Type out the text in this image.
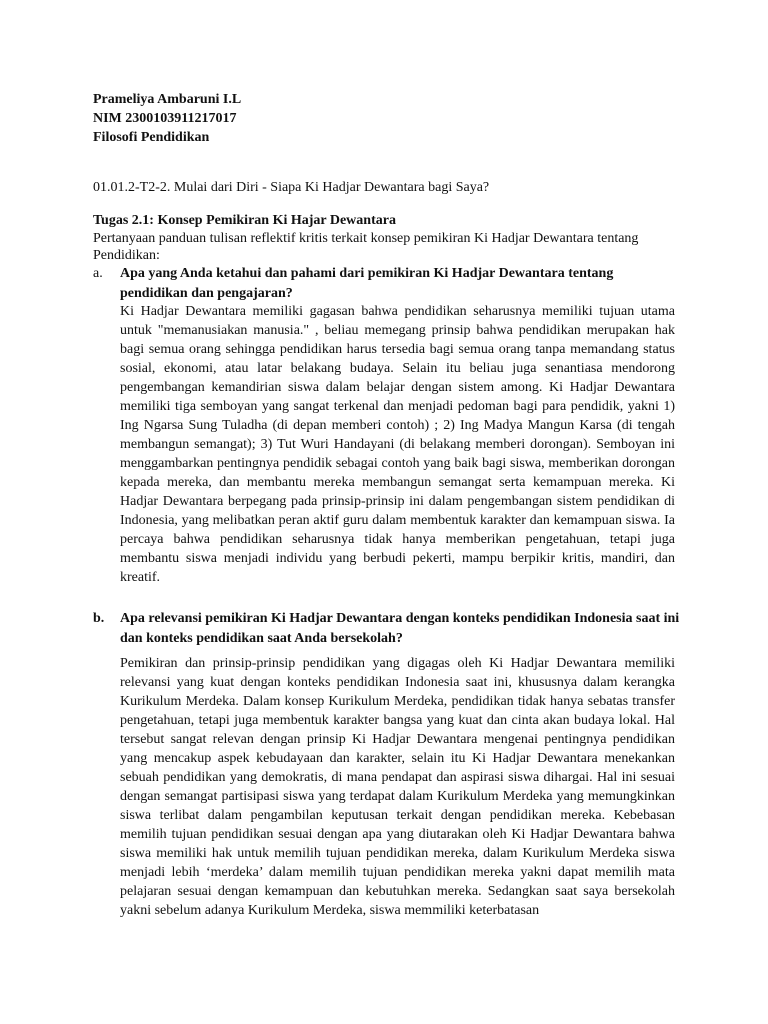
Prameliya Ambaruni I.L
NIM 2300103911217017
Filosofi Pendidikan
01.01.2-T2-2. Mulai dari Diri - Siapa Ki Hadjar Dewantara bagi Saya?
Tugas 2.1: Konsep Pemikiran Ki Hajar Dewantara
Pertanyaan panduan tulisan reflektif kritis terkait konsep pemikiran Ki Hadjar Dewantara tentang Pendidikan:
a.	Apa yang Anda ketahui dan pahami dari pemikiran Ki Hadjar Dewantara tentang pendidikan dan pengajaran?

Ki Hadjar Dewantara memiliki gagasan bahwa pendidikan seharusnya memiliki tujuan utama untuk "memanusiakan manusia." , beliau memegang prinsip bahwa pendidikan merupakan hak bagi semua orang sehingga pendidikan harus tersedia bagi semua orang tanpa memandang status sosial, ekonomi, atau latar belakang budaya. Selain itu beliau juga senantiasa mendorong pengembangan kemandirian siswa dalam belajar dengan sistem among. Ki Hadjar Dewantara memiliki tiga semboyan yang sangat terkenal dan menjadi pedoman bagi para pendidik, yakni 1) Ing Ngarsa Sung Tuladha (di depan memberi contoh) ; 2) Ing Madya Mangun Karsa (di tengah membangun semangat); 3) Tut Wuri Handayani (di belakang memberi dorongan). Semboyan ini menggambarkan pentingnya pendidik sebagai contoh yang baik bagi siswa, memberikan dorongan kepada mereka, dan membantu mereka membangun semangat serta kemampuan mereka. Ki Hadjar Dewantara berpegang pada prinsip-prinsip ini dalam pengembangan sistem pendidikan di Indonesia, yang melibatkan peran aktif guru dalam membentuk karakter dan kemampuan siswa. Ia percaya bahwa pendidikan seharusnya tidak hanya memberikan pengetahuan, tetapi juga membantu siswa menjadi individu yang berbudi pekerti, mampu berpikir kritis, mandiri, dan kreatif.

b.	Apa relevansi pemikiran Ki Hadjar Dewantara dengan konteks pendidikan Indonesia saat ini dan konteks pendidikan saat Anda bersekolah?

Pemikiran dan prinsip-prinsip pendidikan yang digagas oleh Ki Hadjar Dewantara memiliki relevansi yang kuat dengan konteks pendidikan Indonesia saat ini, khususnya dalam kerangka Kurikulum Merdeka. Dalam konsep Kurikulum Merdeka, pendidikan tidak hanya sebatas transfer pengetahuan, tetapi juga membentuk karakter bangsa yang kuat dan cinta akan budaya lokal. Hal tersebut sangat relevan dengan prinsip Ki Hadjar Dewantara mengenai pentingnya pendidikan yang mencakup aspek kebudayaan dan karakter, selain itu Ki Hadjar Dewantara menekankan sebuah pendidikan yang demokratis, di mana pendapat dan aspirasi siswa dihargai. Hal ini sesuai dengan semangat partisipasi siswa yang terdapat dalam Kurikulum Merdeka yang memungkinkan siswa terlibat dalam pengambilan keputusan terkait dengan pendidikan mereka. Kebebasan memilih tujuan pendidikan sesuai dengan apa yang diutarakan oleh Ki Hadjar Dewantara bahwa siswa memiliki hak untuk memilih tujuan pendidikan mereka, dalam Kurikulum Merdeka siswa menjadi lebih ‘merdeka’ dalam memilih tujuan pendidikan mereka yakni dapat memilih mata pelajaran sesuai dengan kemampuan dan kebutuhkan mereka. Sedangkan saat saya bersekolah yakni sebelum adanya Kurikulum Merdeka, siswa memmiliki keterbatasan
